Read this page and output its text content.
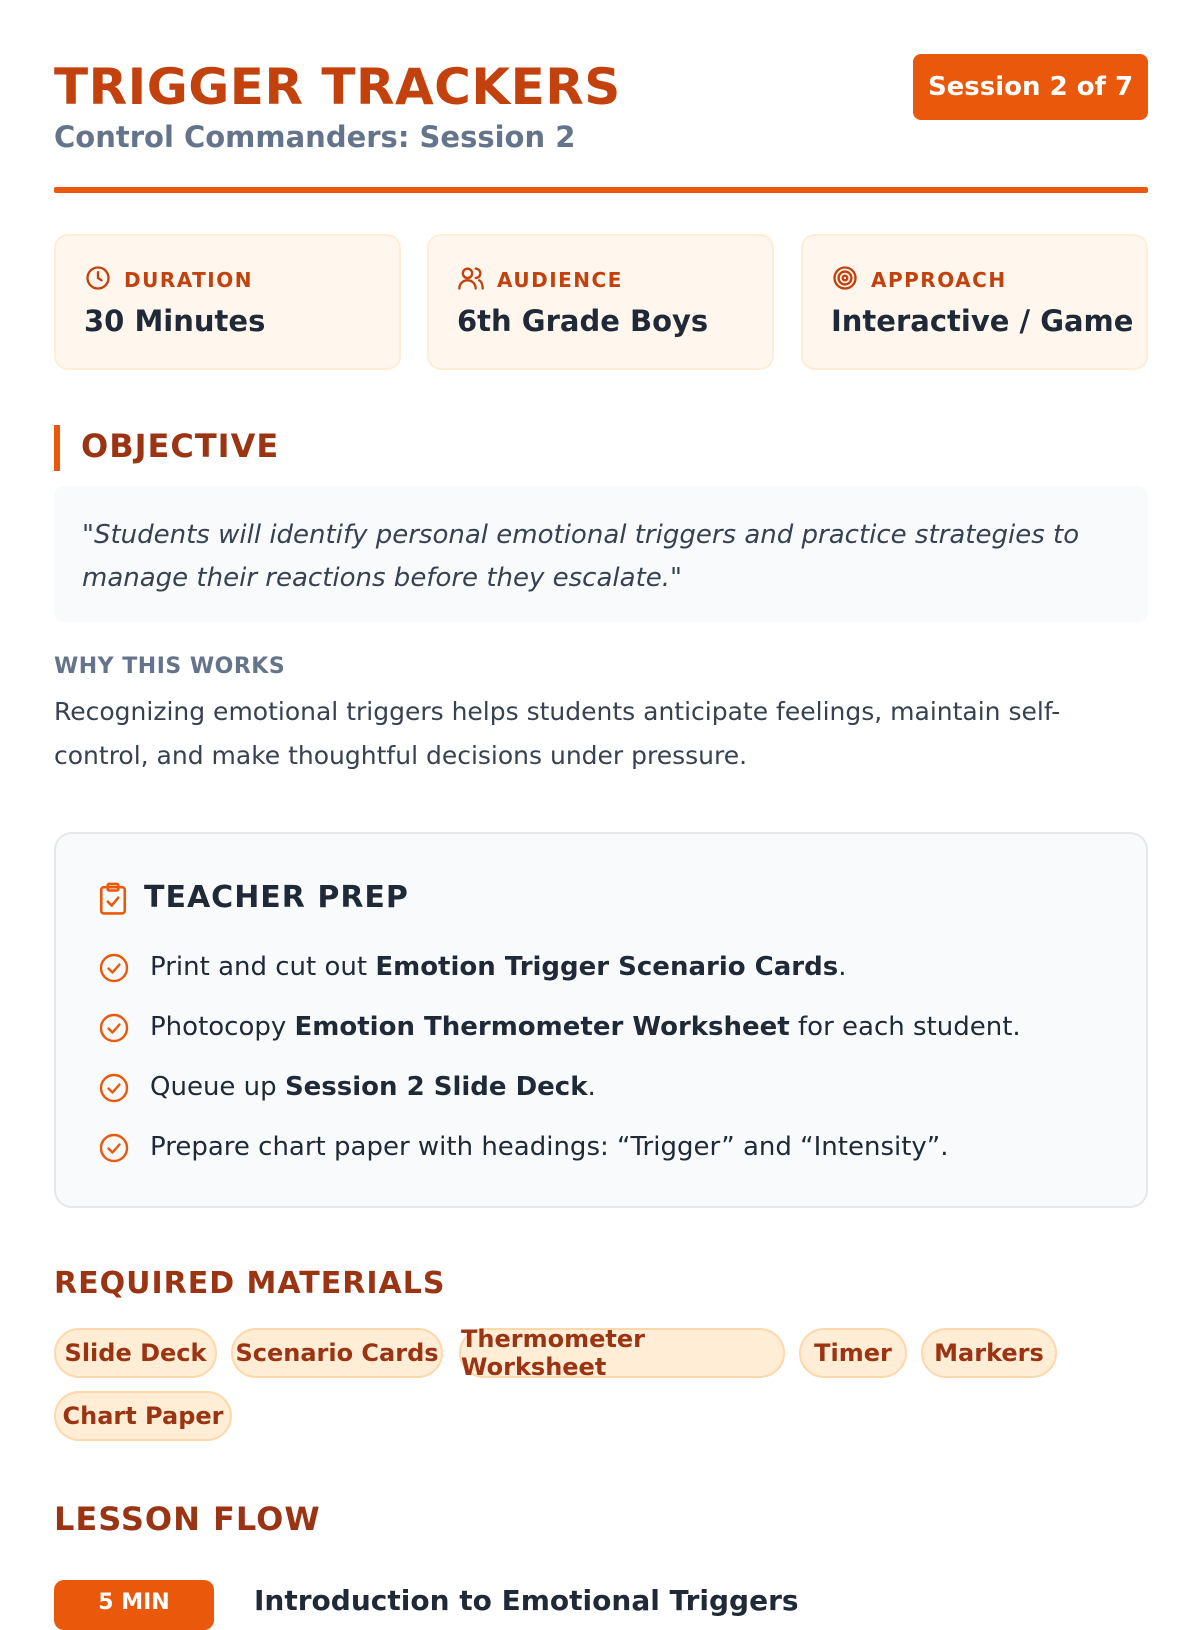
TRIGGER TRACKERS
Control Commanders: Session 2
Session 2 of 7
DURATION
30 Minutes
AUDIENCE
6th Grade Boys
APPROACH
Interactive / Game
OBJECTIVE
"Students will identify personal emotional triggers and practice strategies to
manage their reactions before they escalate."
WHY THIS WORKS
Recognizing emotional triggers helps students anticipate feelings, maintain self-
control, and make thoughtful decisions under pressure.
TEACHER PREP
Print and cut out Emotion Trigger Scenario Cards.
Photocopy Emotion Thermometer Worksheet for each student.
Queue up Session 2 Slide Deck.
Prepare chart paper with headings: “Trigger” and “Intensity”.
REQUIRED MATERIALS
Slide Deck	Scenario Cards Thermometer Worksheet	Timer	Markers
Chart Paper
LESSON FLOW
5 MIN	Introduction to Emotional Triggers
